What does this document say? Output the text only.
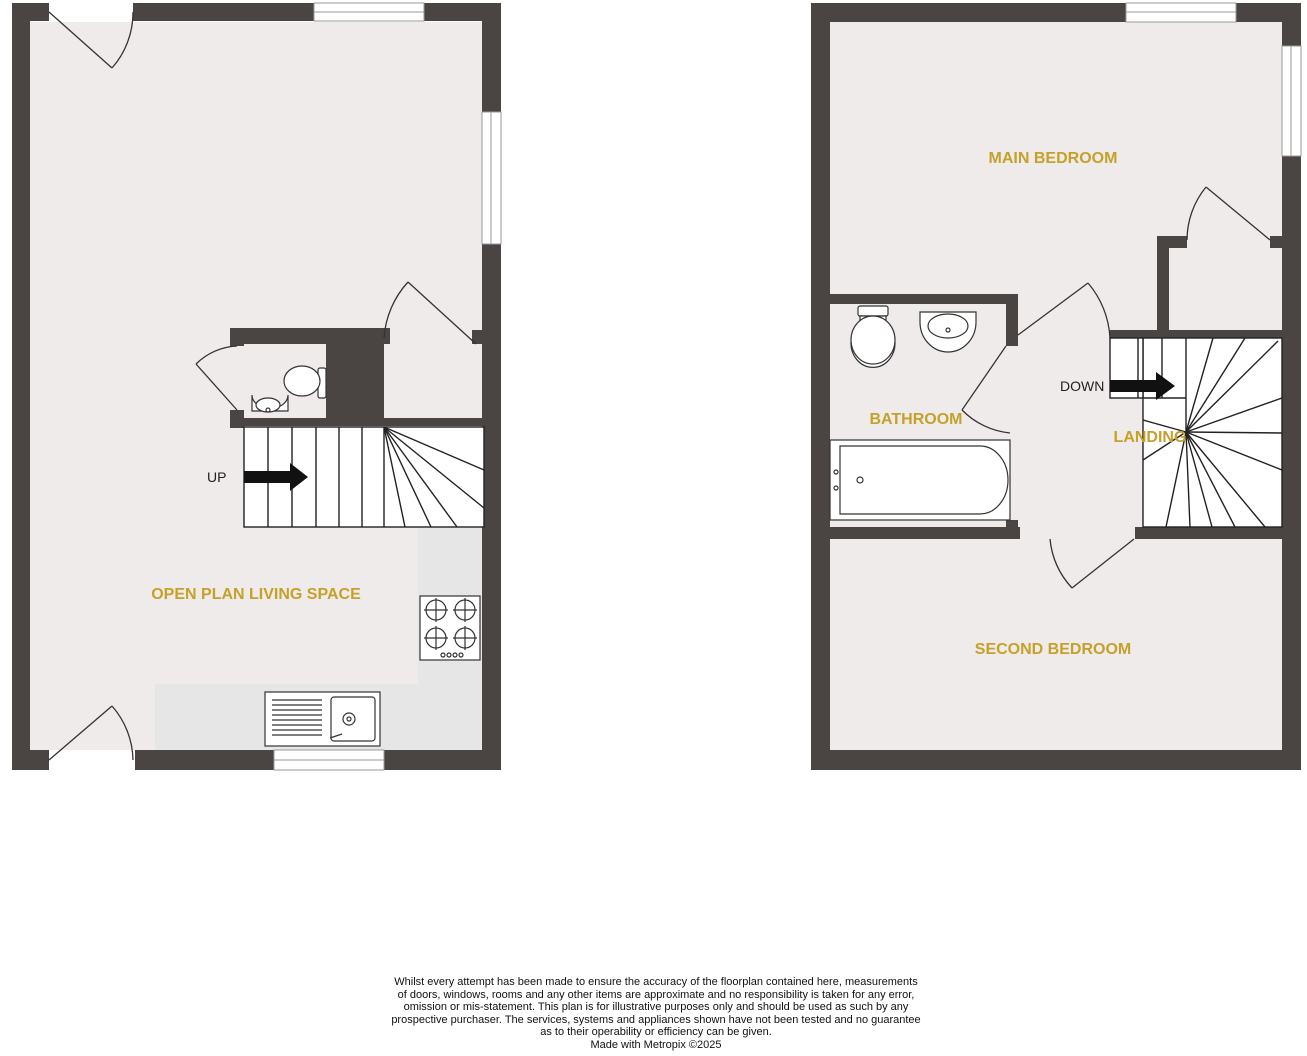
UP
OPEN PLAN LIVING SPACE
DOWN
MAIN BEDROOM
BATHROOM
LANDING
SECOND BEDROOM
Whilst every attempt has been made to ensure the accuracy of the floorplan contained here, measurements
of doors, windows, rooms and any other items are approximate and no responsibility is taken for any error,
omission or mis-statement. This plan is for illustrative purposes only and should be used as such by any
prospective purchaser. The services, systems and appliances shown have not been tested and no guarantee
as to their operability or efficiency can be given.
Made with Metropix ©2025
